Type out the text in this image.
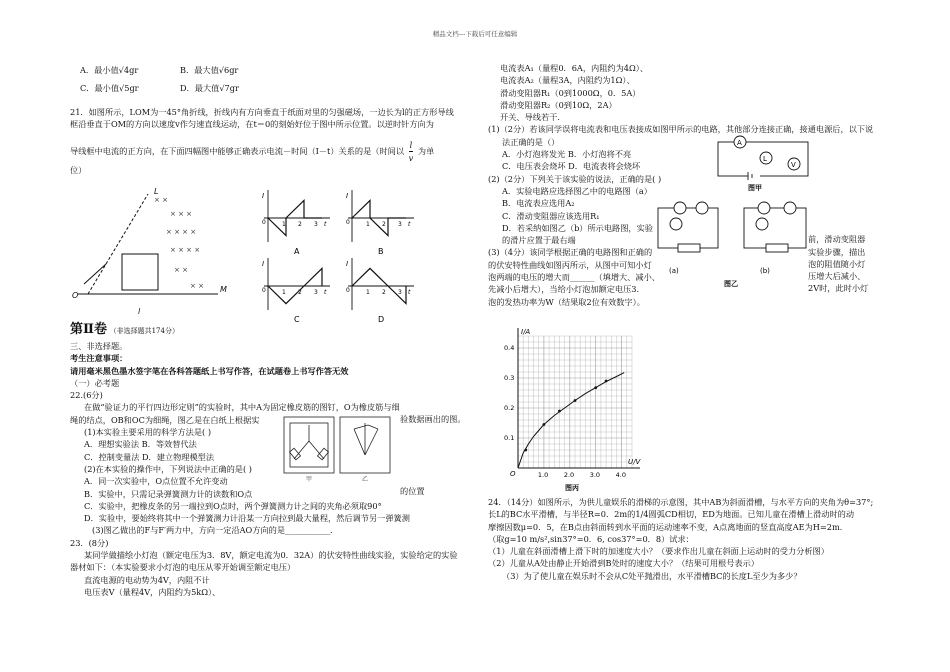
精品文档---下载后可任意编辑
A．最小值√4gr	B．最大值√6gr
C．最小值√5gr	D．最大值√7gr
21．如图所示，LOM为一45°角折线，折线内有方向垂直于纸面对里的匀强磁场，一边长为l的正方形导线
框沿垂直于OM的方向以速度v作匀速直线运动，在t＝0的刻始好位于图中所示位置。以逆时针方向为
导线框中电流的正方向，在下面四幅图中能够正确表示电流－时间（I－t）关系的是（时间以 $\frac{l}{v}$ 为单
位）
× ×
× × ×
× × × ×
× × × ×
× ×
× ×
L
O
M
l
I
0	1 2 3 t
A
I
0	1 2 3 t
B
I
0	1 2 3 t
C
I
0	1 2 3 t
D
第Ⅱ卷 （非选择题共174分）
三、非选择题。
考生注意事项：
请用毫米黑色墨水签字笔在各科答题纸上书写作答，在试题卷上书写作答无效
（一）必考题
22.(6分)
在做“验证力的平行四边形定则”的实验时，其中A为固定橡皮筋的图钉，O为橡皮筋与细
绳的结点，OB和OC为细绳，图乙是在白纸上根据实
(1)本实验主要采用的科学方法是( )
A．理想实验法 B．等效替代法
C．控制变量法 D．建立物理模型法
(2)在本实验的操作中，下列说法中正确的是( )
A．同一次实验中，O点位置不允许变动
B．实验中，只需记录弹簧测力计的读数和O点
C．实验中，把橡皮条的另一端拉到O点时，两个弹簧测力计之间的夹角必须取90°
D．实验中，要始终将其中一个弹簧测力计沿某一方向拉到最大量程，然后调节另一弹簧测
(3)图乙做出的F与F′两力中，方向一定沿AO方向的是___________．
验数据画出的图。
的位置
甲	乙
23．(8分)
某同学做描绘小灯泡（额定电压为3．8V，额定电流为0．32A）的伏安特性曲线实验，实验给定的实验
器材如下：（本实验要求小灯泡的电压从零开始调至额定电压）
直流电源的电动势为4V，内阻不计
电压表V（量程4V，内阻约为5kΩ）、
电流表A₁（量程0．6A，内阻约为4Ω）、
电流表A₂（量程3A，内阻约为1Ω）、
滑动变阻器R₁（0到1000Ω，0．5A）
滑动变阻器R₂（0到10Ω，2A）
开关、导线若干．
(1)（2分）若该同学误将电流表和电压表接成如图甲所示的电路，其他部分连接正确，接通电源后，以下说
法正确的是（）
A．小灯泡将发光 B．小灯泡将不亮
C．电压表会烧坏 D．电流表将会烧坏
(2)（2分）下列关于该实验的说法，正确的是( )
A．实验电路应选择图乙中的电路图（a）
B．电流表应选用A₂
C．滑动变阻器应该选用R₁
D．若采纳如图乙（b）所示电路图，实验
的滑片应置于最右端	前，滑动变阻器
(3)（4分）该同学根据正确的电路图和正确的
的伏安特性曲线如图丙所示，从图中可知小灯
泡两端的电压的增大而______（填增大、减小、
先减小后增大），当给小灯泡加额定电压3.
泡的发热功率为W（结果取2位有效数字）。
实验步骤，描出
泡的阻值随小灯
压增大后减小、
2V时，此时小灯
A
L
V
图甲
(a)	(b)
图乙
1.0 2.0 3.0 4.0
0.1
0.2
0.3
0.4
U/V
I/A
O
图丙
24．（14分）如图所示，为供儿童娱乐的滑梯的示意图，其中AB为斜面滑槽，与水平方向的夹角为θ=37°;
长L的BC水平滑槽，与半径R=0．2m的1/4圆弧CD相切，ED为地面。已知儿童在滑槽上滑动时的动
摩擦因数μ=0．5，在B点由斜面转到水平面的运动速率不变，A点离地面的竖直高度AE为H=2m．
（取g=10 m/s²,sin37°=0．6, cos37°=0．8）试求：
（1）儿童在斜面滑槽上滑下时的加速度大小？（要求作出儿童在斜面上运动时的受力分析图）
（2）儿童从A处由静止开始滑到B处时的速度大小？（结果可用根号表示）
（3）为了使儿童在娱乐时不会从C处平抛滑出，水平滑槽BC的长度L至少为多少？
